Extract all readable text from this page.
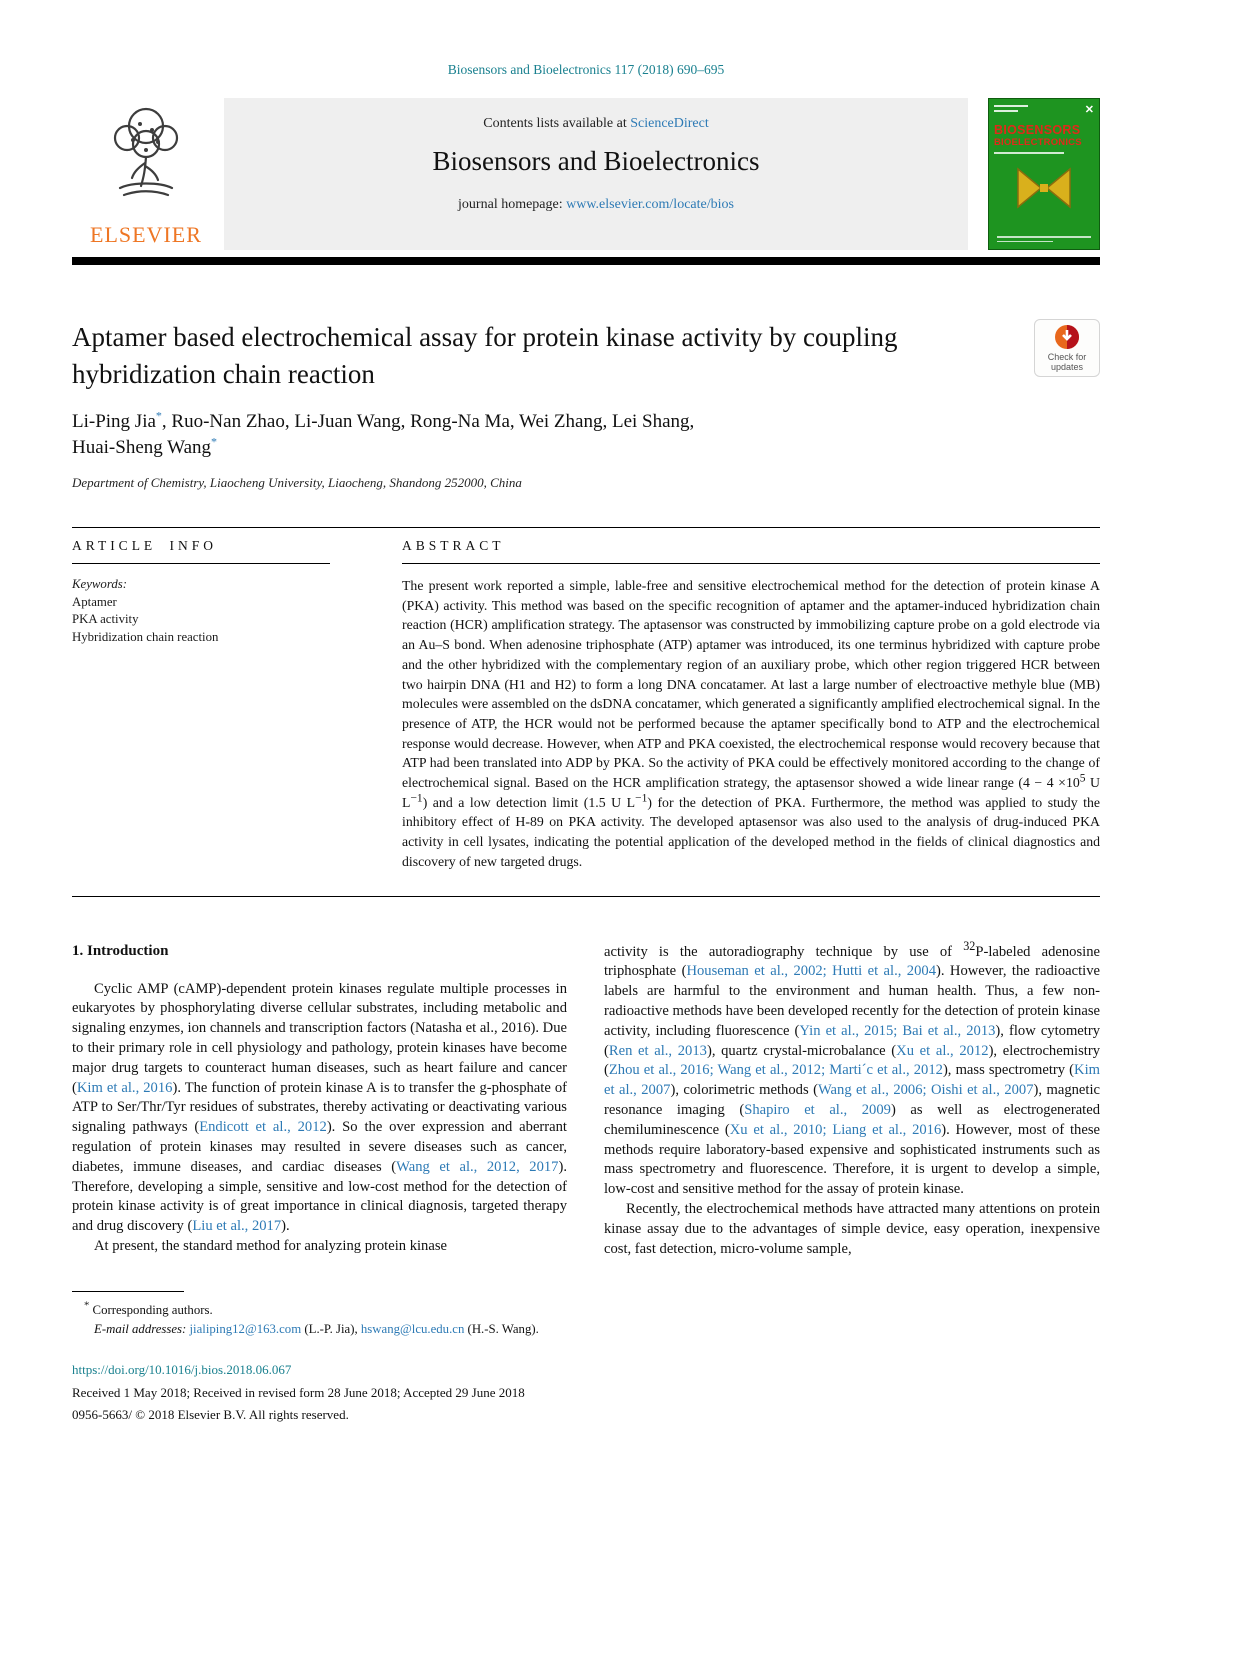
Biosensors and Bioelectronics 117 (2018) 690–695
ELSEVIER
Contents lists available at ScienceDirect
Biosensors and Bioelectronics
journal homepage: www.elsevier.com/locate/bios
✕
BIOSENSORS
BIOELECTRONICS
Aptamer based electrochemical assay for protein kinase activity by coupling hybridization chain reaction
Check for updates
Li-Ping Jia*, Ruo-Nan Zhao, Li-Juan Wang, Rong-Na Ma, Wei Zhang, Lei Shang,
Huai-Sheng Wang*
Department of Chemistry, Liaocheng University, Liaocheng, Shandong 252000, China
ARTICLE INFO
Keywords:
Aptamer
PKA activity
Hybridization chain reaction
ABSTRACT
The present work reported a simple, lable-free and sensitive electrochemical method for the detection of protein kinase A (PKA) activity. This method was based on the specific recognition of aptamer and the aptamer-induced hybridization chain reaction (HCR) amplification strategy. The aptasensor was constructed by immobilizing capture probe on a gold electrode via an Au–S bond. When adenosine triphosphate (ATP) aptamer was introduced, its one terminus hybridized with capture probe and the other hybridized with the complementary region of an auxiliary probe, which other region triggered HCR between two hairpin DNA (H1 and H2) to form a long DNA concatamer. At last a large number of electroactive methyle blue (MB) molecules were assembled on the dsDNA concatamer, which generated a significantly amplified electrochemical signal. In the presence of ATP, the HCR would not be performed because the aptamer specifically bond to ATP and the electrochemical response would decrease. However, when ATP and PKA coexisted, the electrochemical response would recovery because that ATP had been translated into ADP by PKA. So the activity of PKA could be effectively monitored according to the change of electrochemical signal. Based on the HCR amplification strategy, the aptasensor showed a wide linear range ($4 - 4 \times 10^5$ U $L^{-1}$) and a low detection limit (1.5 U $L^{-1}$) for the detection of PKA. Furthermore, the method was applied to study the inhibitory effect of H-89 on PKA activity. The developed aptasensor was also used to the analysis of drug-induced PKA activity in cell lysates, indicating the potential application of the developed method in the fields of clinical diagnostics and discovery of new targeted drugs.
1. Introduction

Cyclic AMP (cAMP)-dependent protein kinases regulate multiple processes in eukaryotes by phosphorylating diverse cellular substrates, including metabolic and signaling enzymes, ion channels and transcription factors (Natasha et al., 2016). Due to their primary role in cell physiology and pathology, protein kinases have become major drug targets to counteract human diseases, such as heart failure and cancer (Kim et al., 2016). The function of protein kinase A is to transfer the g-phosphate of ATP to Ser/Thr/Tyr residues of substrates, thereby activating or deactivating various signaling pathways (Endicott et al., 2012). So the over expression and aberrant regulation of protein kinases may resulted in severe diseases such as cancer, diabetes, immune diseases, and cardiac diseases (Wang et al., 2012, 2017). Therefore, developing a simple, sensitive and low-cost method for the detection of protein kinase activity is of great importance in clinical diagnosis, targeted therapy and drug discovery (Liu et al., 2017).

At present, the standard method for analyzing protein kinase

activity is the autoradiography technique by use of $^{32}$P-labeled adenosine triphosphate (Houseman et al., 2002; Hutti et al., 2004). However, the radioactive labels are harmful to the environment and human health. Thus, a few non-radioactive methods have been developed recently for the detection of protein kinase activity, including fluorescence (Yin et al., 2015; Bai et al., 2013), flow cytometry (Ren et al., 2013), quartz crystal-microbalance (Xu et al., 2012), electrochemistry (Zhou et al., 2016; Wang et al., 2012; Marti´c et al., 2012), mass spectrometry (Kim et al., 2007), colorimetric methods (Wang et al., 2006; Oishi et al., 2007), magnetic resonance imaging (Shapiro et al., 2009) as well as electrogenerated chemiluminescence (Xu et al., 2010; Liang et al., 2016). However, most of these methods require laboratory-based expensive and sophisticated instruments such as mass spectrometry and fluorescence. Therefore, it is urgent to develop a simple, low-cost and sensitive method for the assay of protein kinase.

Recently, the electrochemical methods have attracted many attentions on protein kinase assay due to the advantages of simple device, easy operation, inexpensive cost, fast detection, micro-volume sample,

* Corresponding authors.
E-mail addresses: jialiping12@163.com (L.-P. Jia), hswang@lcu.edu.cn (H.-S. Wang).
https://doi.org/10.1016/j.bios.2018.06.067
Received 1 May 2018; Received in revised form 28 June 2018; Accepted 29 June 2018
0956-5663/ © 2018 Elsevier B.V. All rights reserved.
